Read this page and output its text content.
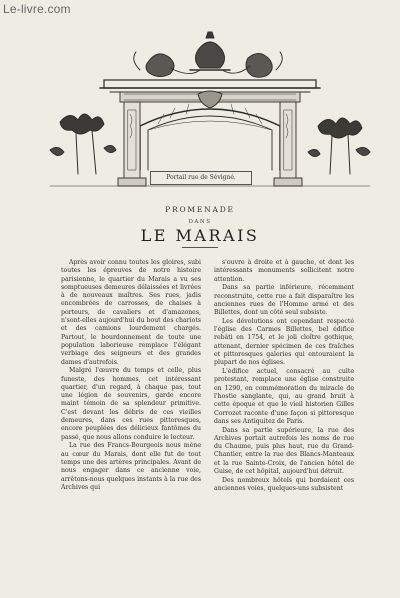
Le-livre.com
Portail rue de Sévigné.
PROMENADE
DANS
LE MARAIS

Après avoir connu toutes les gloires, subi toutes les épreuves de notre histoire parisienne, le quartier du Marais a vu ses somptueuses demeures délaissées et livrées à de nouveaux maîtres. Ses rues, jadis encombrées de carrosses, de chaises à porteurs, de cavaliers et d'amazones, n'sont-elles aujourd'hui du bout des chariots et des camions lourdement chargés. Partout, le bourdonnement de toute une population laborieuse remplace l'élégant verbiage des seigneurs et des grandes dames d'autrefois.

Malgré l'œuvre du temps et celle, plus funeste, des hommes, cet intéressant quartier, d'un regard, à chaque pas, tout une légion de souvenirs, garde encore maint témoin de sa splendeur primitive. C'est devant les débris de ces vieilles demeures, dans ces rues pittoresques, encore peuplées des délicieux fantômes du passé, que nous allons conduire le lecteur.

La rue des Francs-Bourgeois nous mène au cœur du Marais, dont elle fut de tout temps une des artères principales. Avant de nous engager dans ce ancienne voie, arrêtons-nous quelques instants à la rue des Archives qui

s'ouvre à droite et à gauche, et dont les intéressants monuments sollicitent notre attention.

Dans sa partie inférieure, récemment reconstruite, cette rue a fait disparaître les anciennes rues de l'Homme armé et des Billettes, dont un côté seul subsiste.

Les dévolutions ont cependant respecté l'église des Carmes Billettes, bel édifice rebâti en 1754, et le joli cloître gothique, attenant, dernier spécimen de ces fraîches et pittoresques galeries qui entouraient la plupart de nos églises.

L'édifice actuel, consacré au culte protestant, remplace une église construite en 1290, en commémoration du miracle de l'hostie sanglante, qui, au grand bruit à cette époque et que le vieil historien Gilles Corrozet raconte d'une façon si pittoresque dans ses Antiquitez de Paris.

Dans sa partie supérieure, la rue des Archives portait autrefois les noms de rue du Chaume, puis plus haut, rue du Grand-Chantier, entre la rue des Blancs-Manteaux et la rue Sainte-Croix, de l'ancien hôtel de Guise, de cet hôpital, aujourd'hui détruit.

Des nombreux hôtels qui bordaient ces anciennes voies, quelques-uns subsistent
